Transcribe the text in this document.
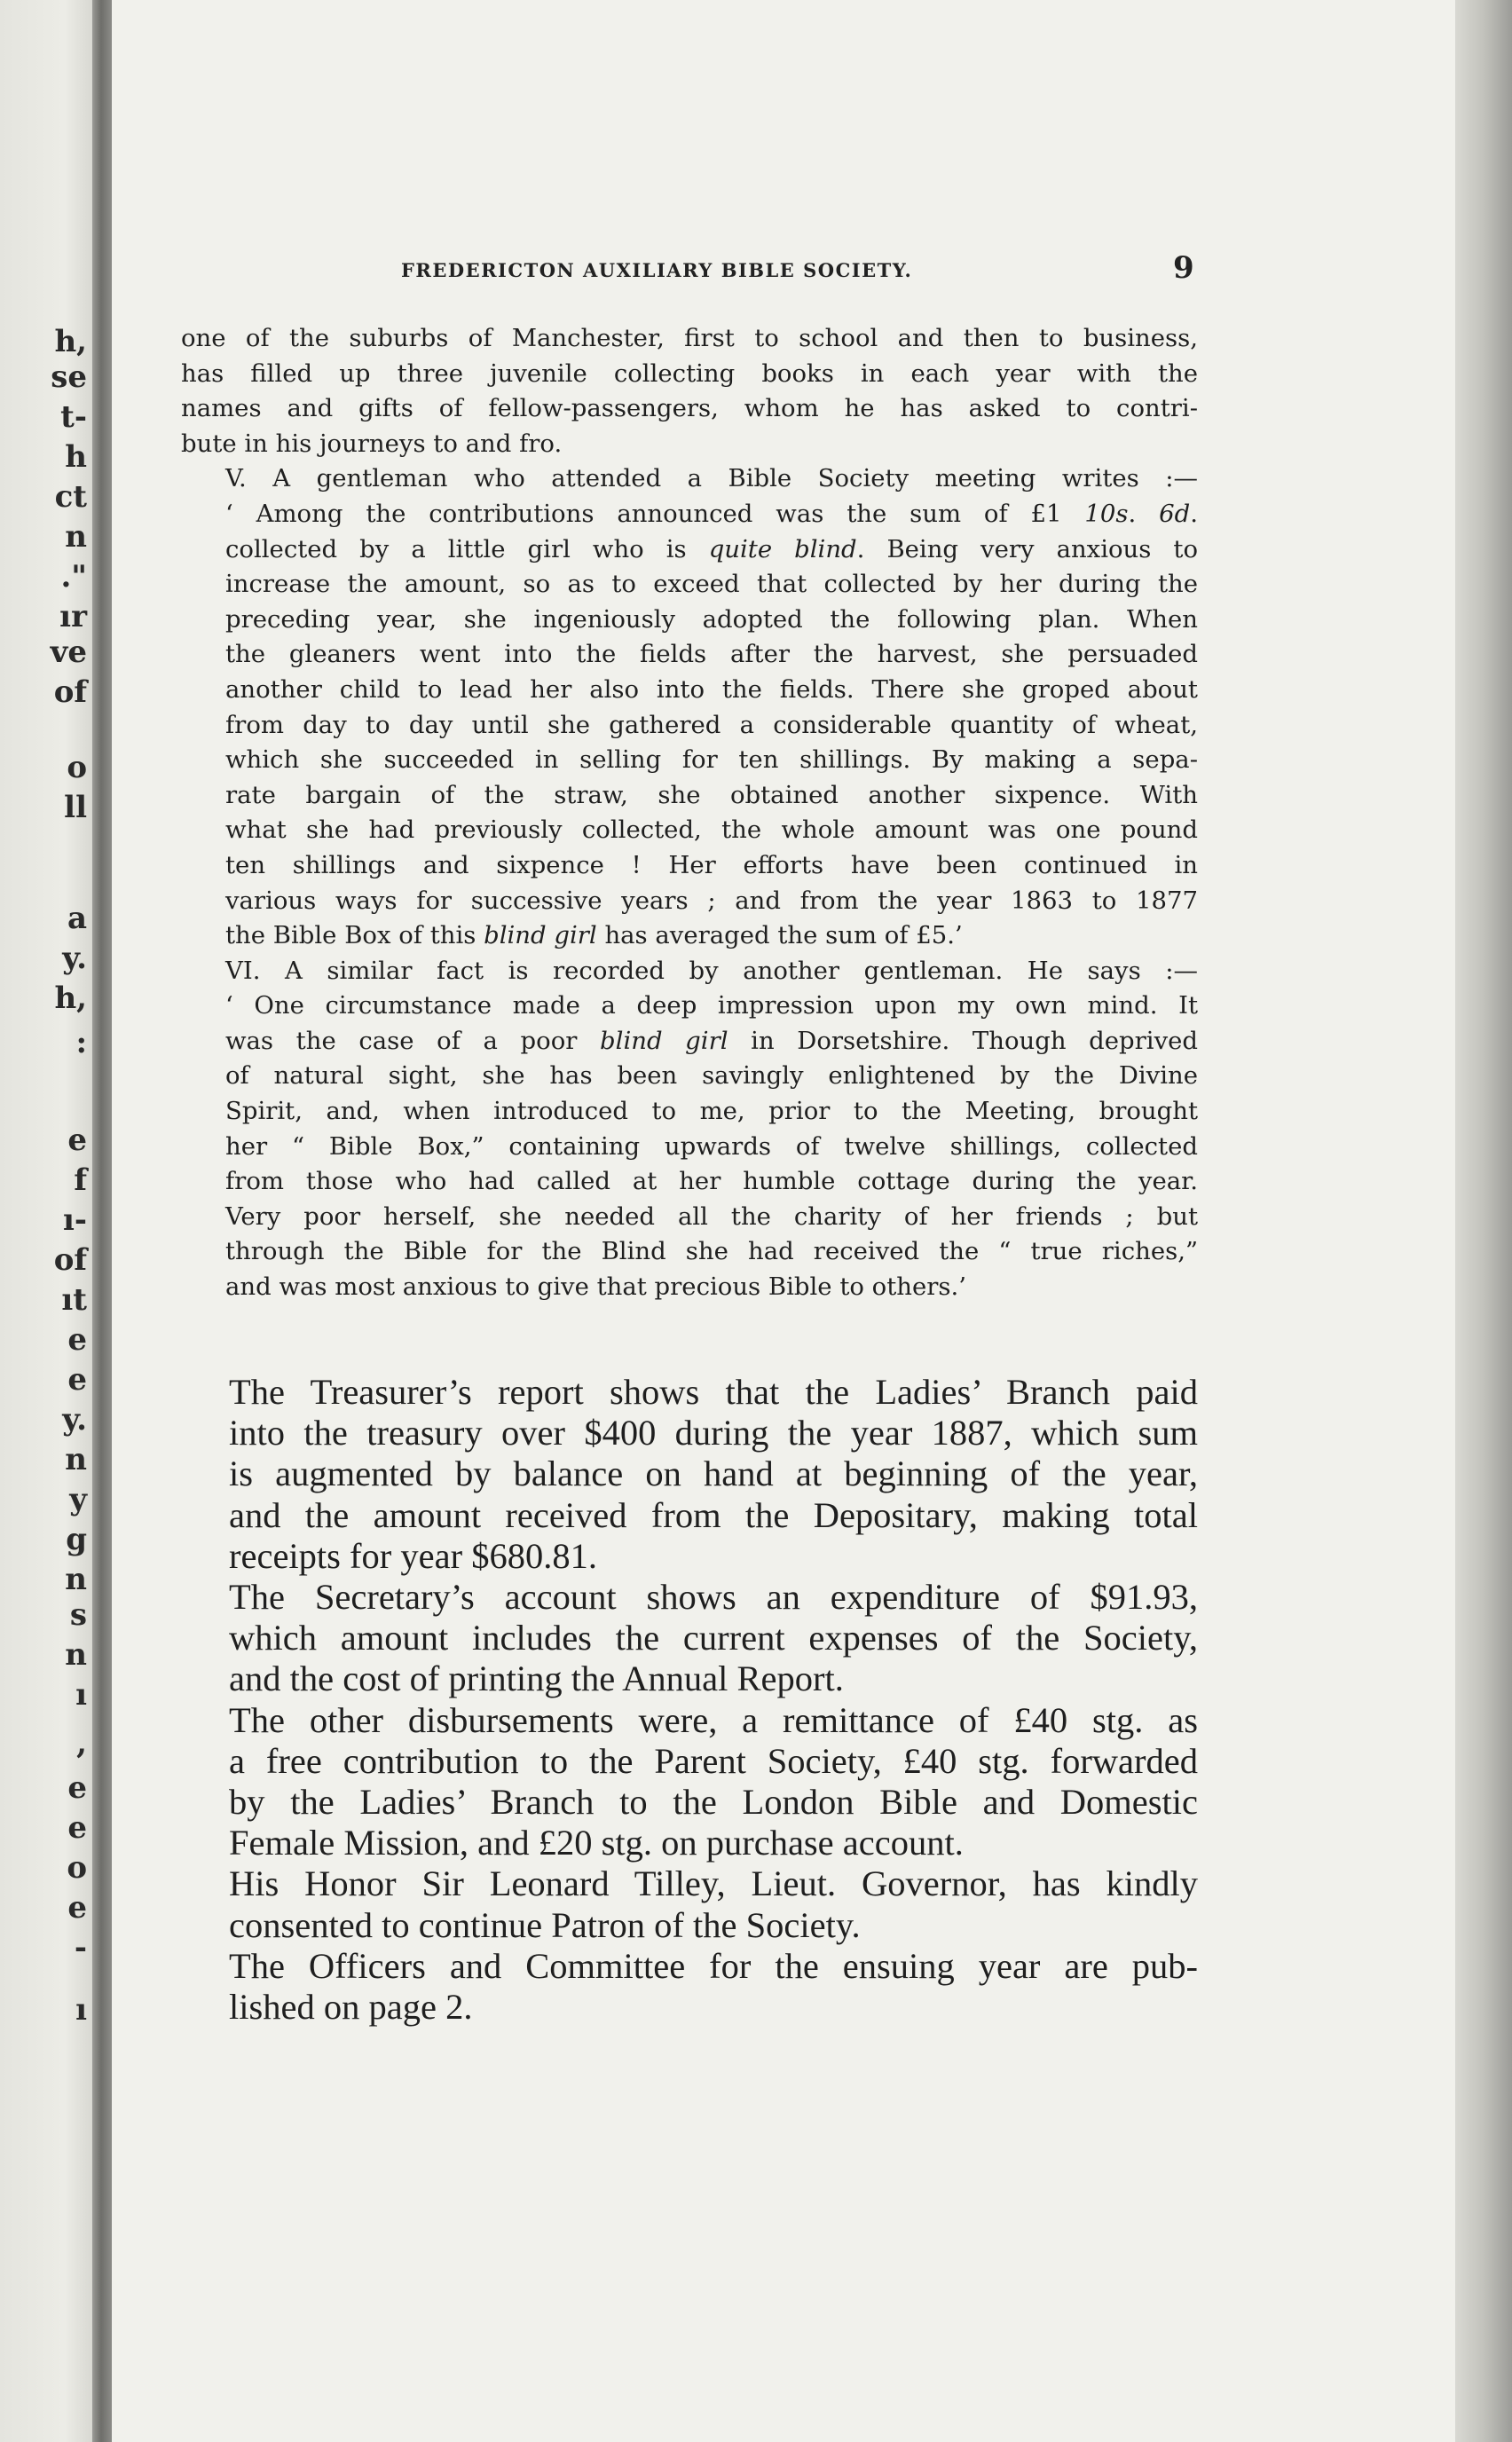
h,
se
t-
h
ct
n
."
ır
ve
of
o
ll
a
y.
h,
:
e
f
ı-
of
ıt
e
e
y.
n
y
g
n
s
n
ı
,
e
e
o
e
-
ı
FREDERICTON AUXILIARY BIBLE SOCIETY.	9
one of the suburbs of Manchester, first to school and then to business,
has filled up three juvenile collecting books in each year with the
names and gifts of fellow-passengers, whom he has asked to contri-
bute in his journeys to and fro.
V. A gentleman who attended a Bible Society meeting writes :—
‘ Among the contributions announced was the sum of £1 10s. 6d.
collected by a little girl who is quite blind. Being very anxious to
increase the amount, so as to exceed that collected by her during the
preceding year, she ingeniously adopted the following plan. When
the gleaners went into the fields after the harvest, she persuaded
another child to lead her also into the fields. There she groped about
from day to day until she gathered a considerable quantity of wheat,
which she succeeded in selling for ten shillings. By making a sepa-
rate bargain of the straw, she obtained another sixpence. With
what she had previously collected, the whole amount was one pound
ten shillings and sixpence ! Her efforts have been continued in
various ways for successive years ; and from the year 1863 to 1877
the Bible Box of this blind girl has averaged the sum of £5.’
VI. A similar fact is recorded by another gentleman. He says :—
‘ One circumstance made a deep impression upon my own mind. It
was the case of a poor blind girl in Dorsetshire. Though deprived
of natural sight, she has been savingly enlightened by the Divine
Spirit, and, when introduced to me, prior to the Meeting, brought
her “ Bible Box,” containing upwards of twelve shillings, collected
from those who had called at her humble cottage during the year.
Very poor herself, she needed all the charity of her friends ; but
through the Bible for the Blind she had received the “ true riches,”
and was most anxious to give that precious Bible to others.’
The Treasurer’s report shows that the Ladies’ Branch paid
into the treasury over $400 during the year 1887, which sum
is augmented by balance on hand at beginning of the year,
and the amount received from the Depositary, making total
receipts for year $680.81.
The Secretary’s account shows an expenditure of $91.93,
which amount includes the current expenses of the Society,
and the cost of printing the Annual Report.
The other disbursements were, a remittance of £40 stg. as
a free contribution to the Parent Society, £40 stg. forwarded
by the Ladies’ Branch to the London Bible and Domestic
Female Mission, and £20 stg. on purchase account.
His Honor Sir Leonard Tilley, Lieut. Governor, has kindly
consented to continue Patron of the Society.
The Officers and Committee for the ensuing year are pub-
lished on page 2.
